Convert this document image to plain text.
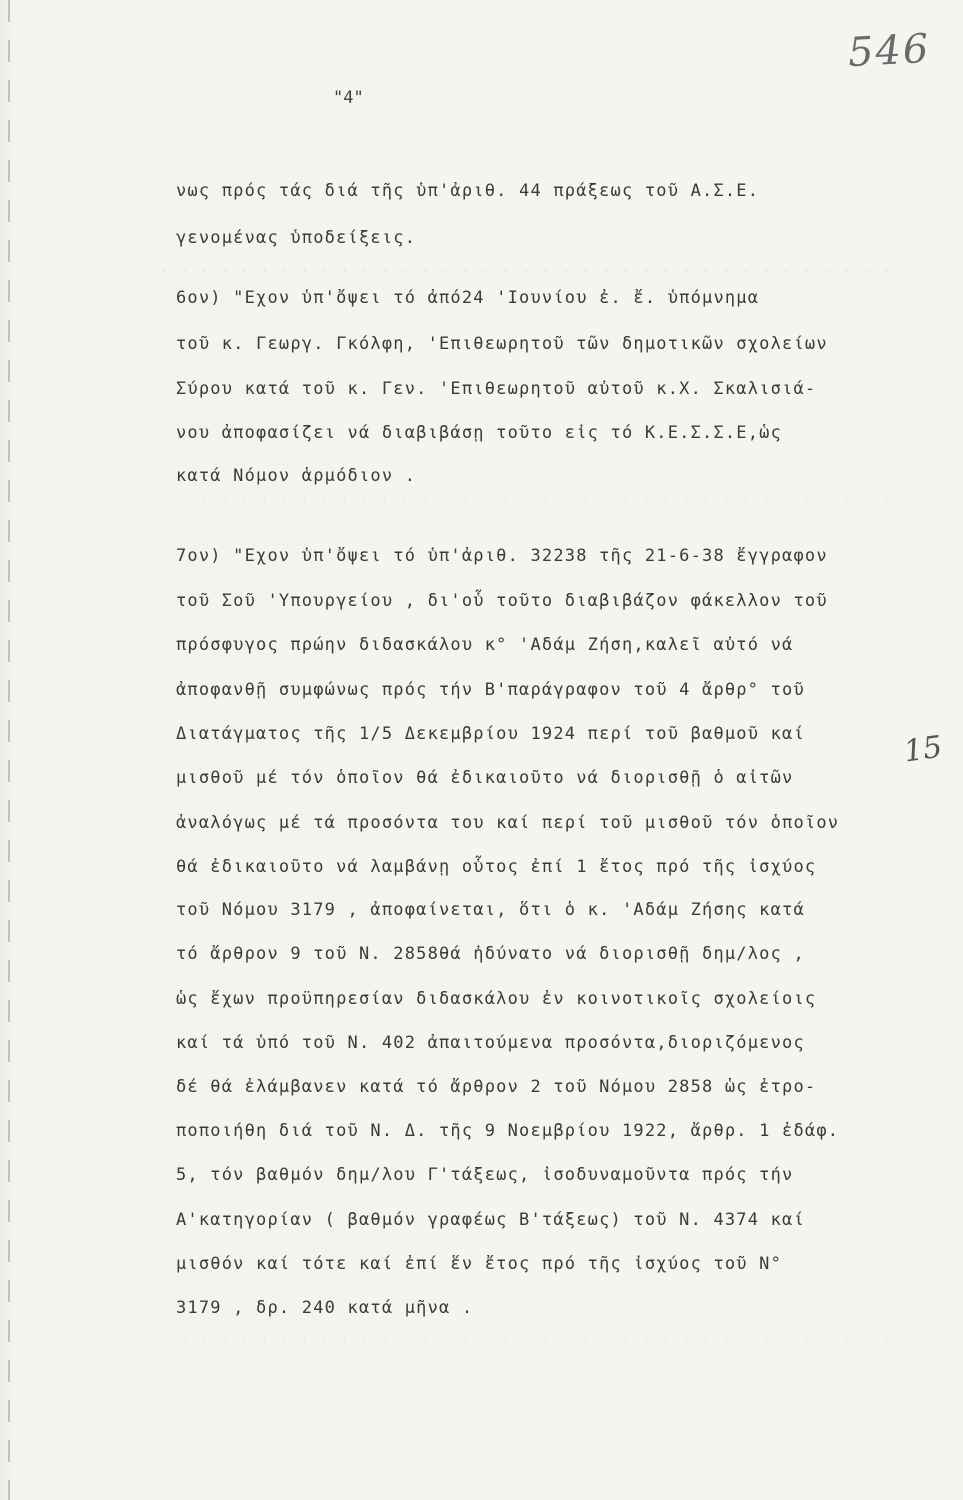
546
"4"
· · · · · · · · · · · · · · · · · · · · · · · · · · · · · · · · · · · · ·
· · · · · · · · · · · · · · · · · · · · · · · · · · · · · · · · · · ·
· · · · · · · · · · · · · · · · · · · · · · · · · · · · · · · · · · · ·
νως πρός τάς διά τῆς ὑπ'ἀριθ. 44 πράξεως τοῦ Α.Σ.Ε.
γενομένας ὑποδείξεις.
6ον) "Εχον ὑπ'ὄψει τό ἀπό24 'Ιουνίου ἐ. ἔ. ὑπόμνημα
τοῦ κ. Γεωργ. Γκόλφη, 'Επιθεωρητοῦ τῶν δημοτικῶν σχολείων
Σύρου κατά τοῦ κ. Γεν. 'Επιθεωρητοῦ αὐτοῦ κ.Χ. Σκαλισιά-
νου ἀποφασίζει νά διαβιβάσῃ τοῦτο εἰς τό Κ.Ε.Σ.Σ.Ε,ὡς
κατά Νόμον ἁρμόδιον .
7ον) "Εχον ὑπ'ὄψει τό ὑπ'ἀριθ. 32238 τῆς 21-6-38 ἔγγραφον
τοῦ Σοῦ 'Υπουργείου , δι'οὗ τοῦτο διαβιβάζον φάκελλον τοῦ
πρόσφυγος πρώην διδασκάλου κ° 'Αδάμ Ζήση,καλεῖ αὐτό νά
ἀποφανθῇ συμφώνως πρός τήν Β'παράγραφον τοῦ 4 ἄρθρ° τοῦ
Διατάγματος τῆς 1/5 Δεκεμβρίου 1924 περί τοῦ βαθμοῦ καί
μισθοῦ μέ τόν ὁποῖον θά ἐδικαιοῦτο νά διορισθῇ ὁ αἰτῶν
ἀναλόγως μέ τά προσόντα του καί περί τοῦ μισθοῦ τόν ὁποῖον
θά ἐδικαιοῦτο νά λαμβάνῃ οὗτος ἐπί 1 ἔτος πρό τῆς ἰσχύος
τοῦ Νόμου 3179 , ἀποφαίνεται, ὅτι ὁ κ. 'Αδάμ Ζήσης κατά
τό ἄρθρον 9 τοῦ Ν. 2858θά ἠδύνατο νά διορισθῇ δημ/λος ,
ὡς ἔχων προϋπηρεσίαν διδασκάλου ἐν κοινοτικοῖς σχολείοις
καί τά ὑπό τοῦ Ν. 402 ἀπαιτούμενα προσόντα,διοριζόμενος
δέ θά ἐλάμβανεν κατά τό ἄρθρον 2 τοῦ Νόμου 2858 ὡς ἐτρο-
ποποιήθη διά τοῦ Ν. Δ. τῆς 9 Νοεμβρίου 1922, ἄρθρ. 1 ἐδάφ.
5, τόν βαθμόν δημ/λου Γ'τάξεως, ἰσοδυναμοῦντα πρός τήν
Α'κατηγορίαν ( βαθμόν γραφέως Β'τάξεως) τοῦ Ν. 4374 καί
μισθόν καί τότε καί ἐπί ἕν ἔτος πρό τῆς ἰσχύος τοῦ Ν°
3179 , δρ. 240 κατά μῆνα .
15
